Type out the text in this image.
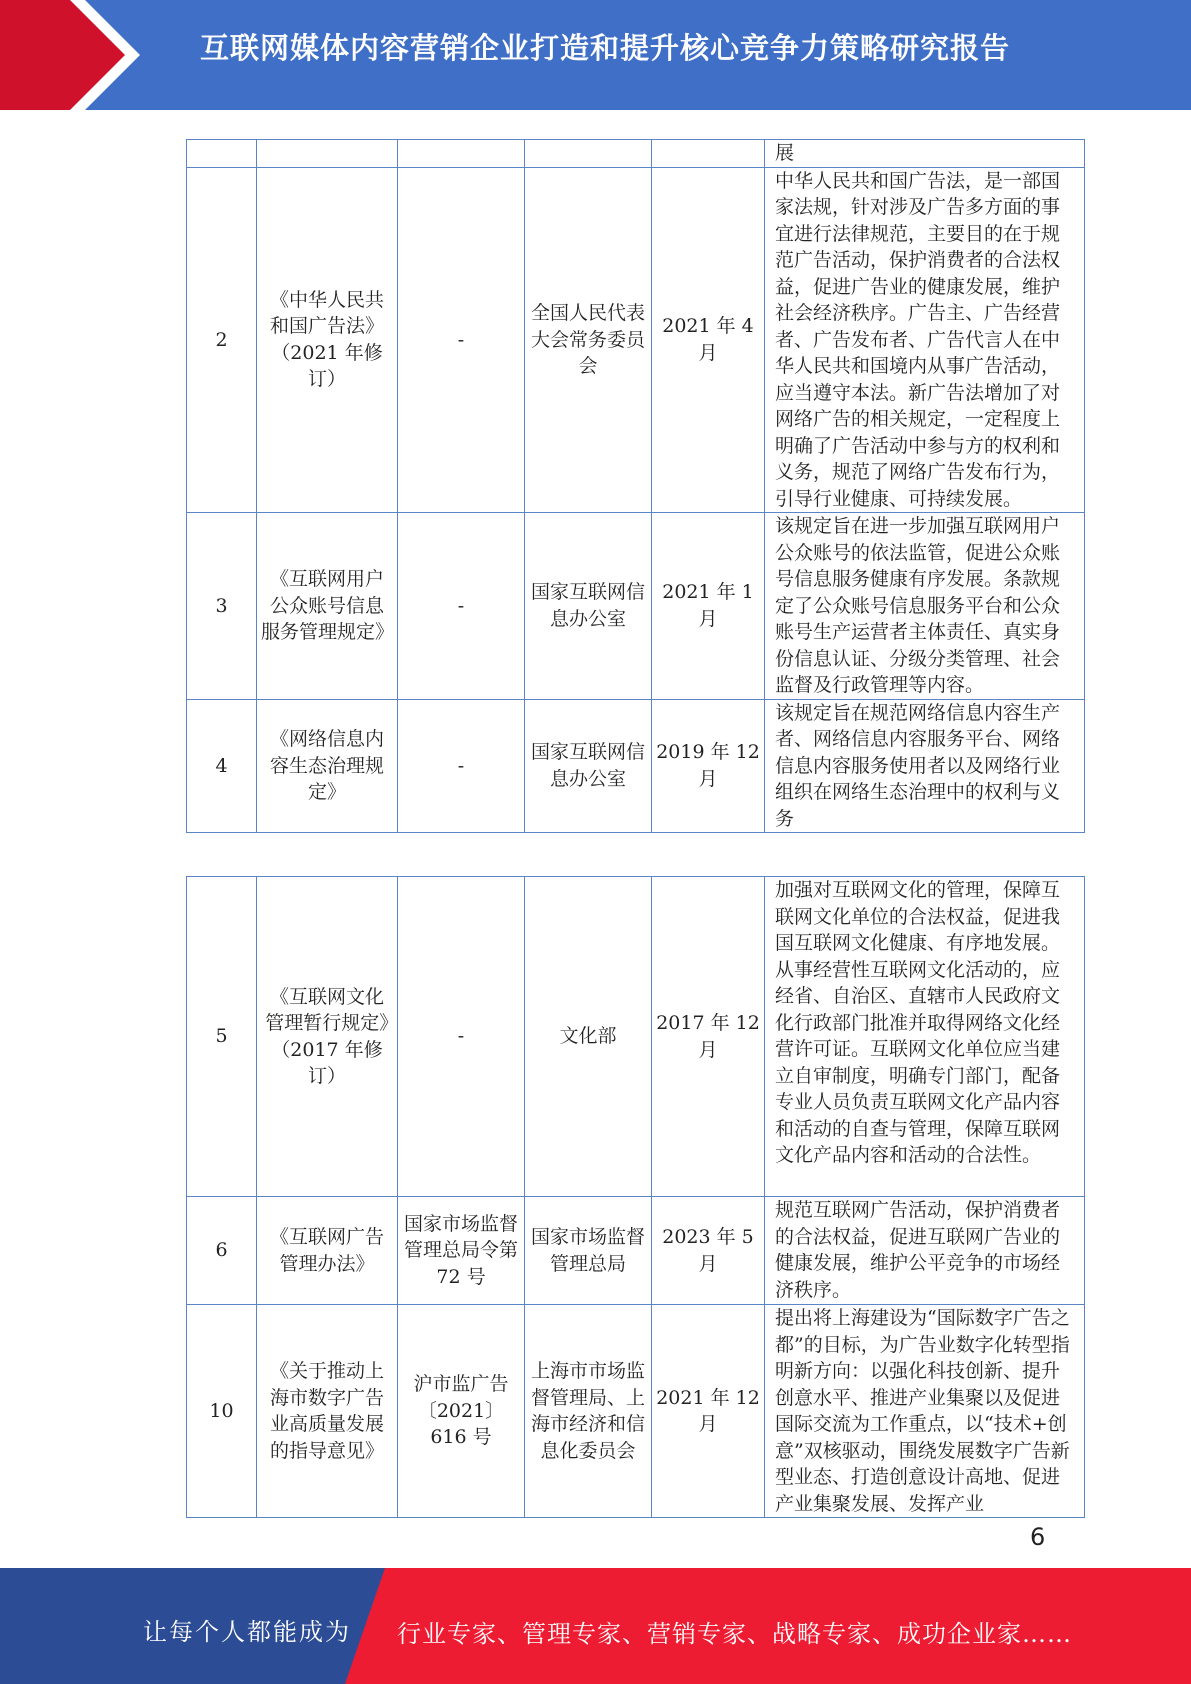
互联网媒体内容营销企业打造和提升核心竞争力策略研究报告
					展
2	《中华人民共和国广告法》（2021 年修订）	-	全国人民代表大会常务委员会	2021 年 4 月	中华人民共和国广告法，是一部国家法规，针对涉及广告多方面的事宜进行法律规范，主要目的在于规范广告活动，保护消费者的合法权益，促进广告业的健康发展，维护社会经济秩序。广告主、广告经营者、广告发布者、广告代言人在中华人民共和国境内从事广告活动，应当遵守本法。新广告法增加了对网络广告的相关规定，一定程度上明确了广告活动中参与方的权利和义务，规范了网络广告发布行为，引导行业健康、可持续发展。
3	《互联网用户公众账号信息服务管理规定》	-	国家互联网信息办公室	2021 年 1 月	该规定旨在进一步加强互联网用户公众账号的依法监管，促进公众账号信息服务健康有序发展。条款规定了公众账号信息服务平台和公众账号生产运营者主体责任、真实身份信息认证、分级分类管理、社会监督及行政管理等内容。
4	《网络信息内容生态治理规定》	-	国家互联网信息办公室	2019 年 12 月	该规定旨在规范网络信息内容生产者、网络信息内容服务平台、网络信息内容服务使用者以及网络行业组织在网络生态治理中的权利与义务
5	《互联网文化管理暂行规定》（2017 年修订）	-	文化部	2017 年 12 月	加强对互联网文化的管理，保障互联网文化单位的合法权益，促进我国互联网文化健康、有序地发展。从事经营性互联网文化活动的，应经省、自治区、直辖市人民政府文化行政部门批准并取得网络文化经营许可证。互联网文化单位应当建立自审制度，明确专门部门，配备专业人员负责互联网文化产品内容和活动的自查与管理，保障互联网文化产品内容和活动的合法性。
6	《互联网广告管理办法》	国家市场监督管理总局令第 72 号	国家市场监督管理总局	2023 年 5 月	规范互联网广告活动，保护消费者的合法权益，促进互联网广告业的健康发展，维护公平竞争的市场经济秩序。
10	《关于推动上海市数字广告业高质量发展的指导意见》	沪市监广告〔2021〕616 号	上海市市场监督管理局、上海市经济和信息化委员会	2021 年 12 月	提出将上海建设为“国际数字广告之都”的目标，为广告业数字化转型指明新方向：以强化科技创新、提升创意水平、推进产业集聚以及促进国际交流为工作重点，以“技术+创意”双核驱动，围绕发展数字广告新型业态、打造创意设计高地、促进产业集聚发展、发挥产业
6
让每个人都能成为 行业专家、管理专家、营销专家、战略专家、成功企业家……
